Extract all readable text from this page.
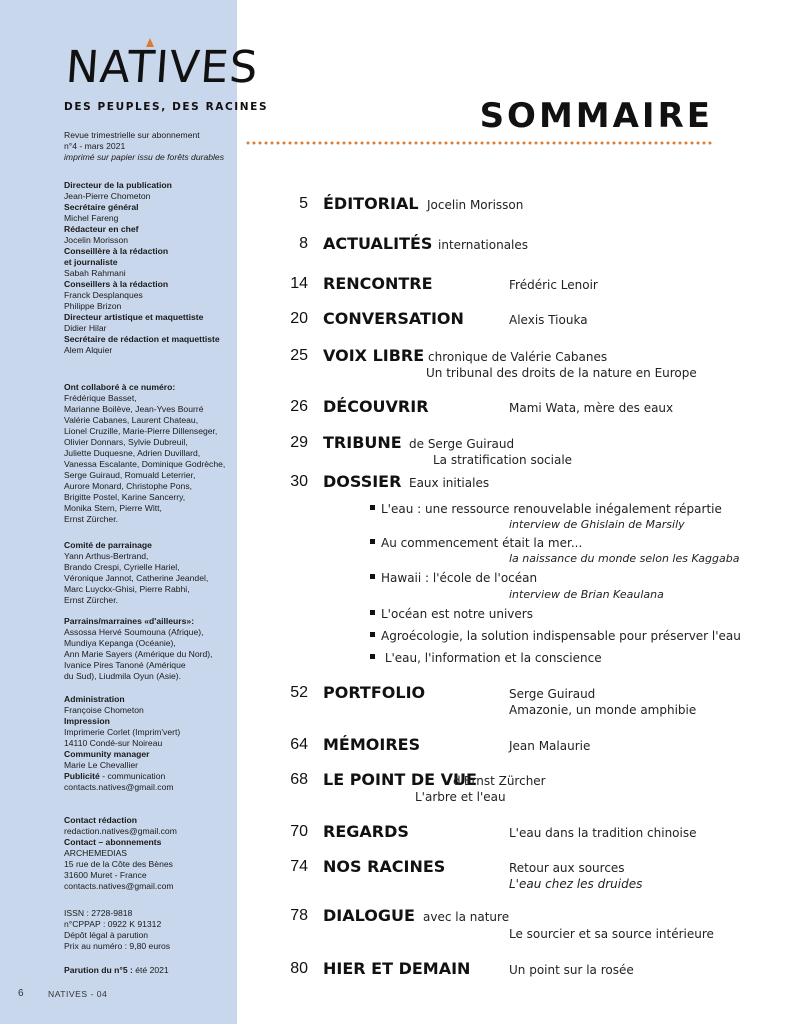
NATIVES
DES PEUPLES, DES RACINES
Revue trimestrielle sur abonnement
n°4 - mars 2021
imprimé sur papier issu de forêts durables
Directeur de la publication
Jean-Pierre Chometon
Secrétaire général
Michel Fareng
Rédacteur en chef
Jocelin Morisson
Conseillère à la rédaction
et journaliste
Sabah Rahmani
Conseillers à la rédaction
Franck Desplanques
Philippe Brizon
Directeur artistique et maquettiste
Didier Hilar
Secrétaire de rédaction et maquettiste
Alem Alquier
Ont collaboré à ce numéro:
Frédérique Basset,
Marianne Boilève, Jean-Yves Bourré
Valérie Cabanes, Laurent Chateau,
Lionel Cruzille, Marie-Pierre Dillenseger,
Olivier Donnars, Sylvie Dubreuil,
Juliette Duquesne, Adrien Duvillard,
Vanessa Escalante, Dominique Godrèche,
Serge Guiraud, Romuald Leterrier,
Aurore Monard, Christophe Pons,
Brigitte Postel, Karine Sancerry,
Monika Stern, Pierre Witt,
Ernst Zürcher.
Comité de parrainage
Yann Arthus-Bertrand,
Brando Crespi, Cyrielle Hariel,
Véronique Jannot, Catherine Jeandel,
Marc Luyckx-Ghisi, Pierre Rabhi,
Ernst Zürcher.
Parrains/marraines «d'ailleurs»:
Assossa Hervé Soumouna (Afrique),
Mundiya Kepanga (Océanie),
Ann Marie Sayers (Amérique du Nord),
Ivanice Pires Tanoné (Amérique
du Sud), Liudmila Oyun (Asie).
Administration
Françoise Chometon
Impression
Imprimerie Corlet (Imprim'vert)
14110 Condé-sur Noireau
Community manager
Marie Le Chevallier
Publicité - communication
contacts.natives@gmail.com
Contact rédaction
redaction.natives@gmail.com
Contact – abonnements
ARCHEMEDIAS
15 rue de la Côte des Bènes
31600 Muret - France
contacts.natives@gmail.com
ISSN : 2728-9818
n°CPPAP : 0922 K 91312
Dépôt légal à parution
Prix au numéro : 9,80 euros
Parution du n°5 : été 2021
6	NATIVES - 04
SOMMAIRE
5 ÉDITORIAL Jocelin Morisson
8 ACTUALITÉS internationales
14 RENCONTRE	Frédéric Lenoir
20 CONVERSATION	Alexis Tiouka
25 VOIX LIBRE chronique de Valérie Cabanes
Un tribunal des droits de la nature en Europe
26 DÉCOUVRIR	Mami Wata, mère des eaux
29 TRIBUNE de Serge Guiraud
La stratification sociale
30 DOSSIER Eaux initiales
L'eau : une ressource renouvelable inégalement répartie
interview de Ghislain de Marsily
Au commencement était la mer...
la naissance du monde selon les Kaggaba
Hawaii : l'école de l'océan
interview de Brian Keaulana
L'océan est notre univers
Agroécologie, la solution indispensable pour préserver l'eau
L'eau, l'information et la conscience
52 PORTFOLIO	Serge Guiraud
Amazonie, un monde amphibie
64 MÉMOIRES	Jean Malaurie
68 LE POINT DE VUE
d'Ernst Zürcher
L'arbre et l'eau
70 REGARDS	L'eau dans la tradition chinoise
74 NOS RACINES	Retour aux sources
L'eau chez les druides
78 DIALOGUE avec la nature
Le sourcier et sa source intérieure
80 HIER ET DEMAIN	Un point sur la rosée
